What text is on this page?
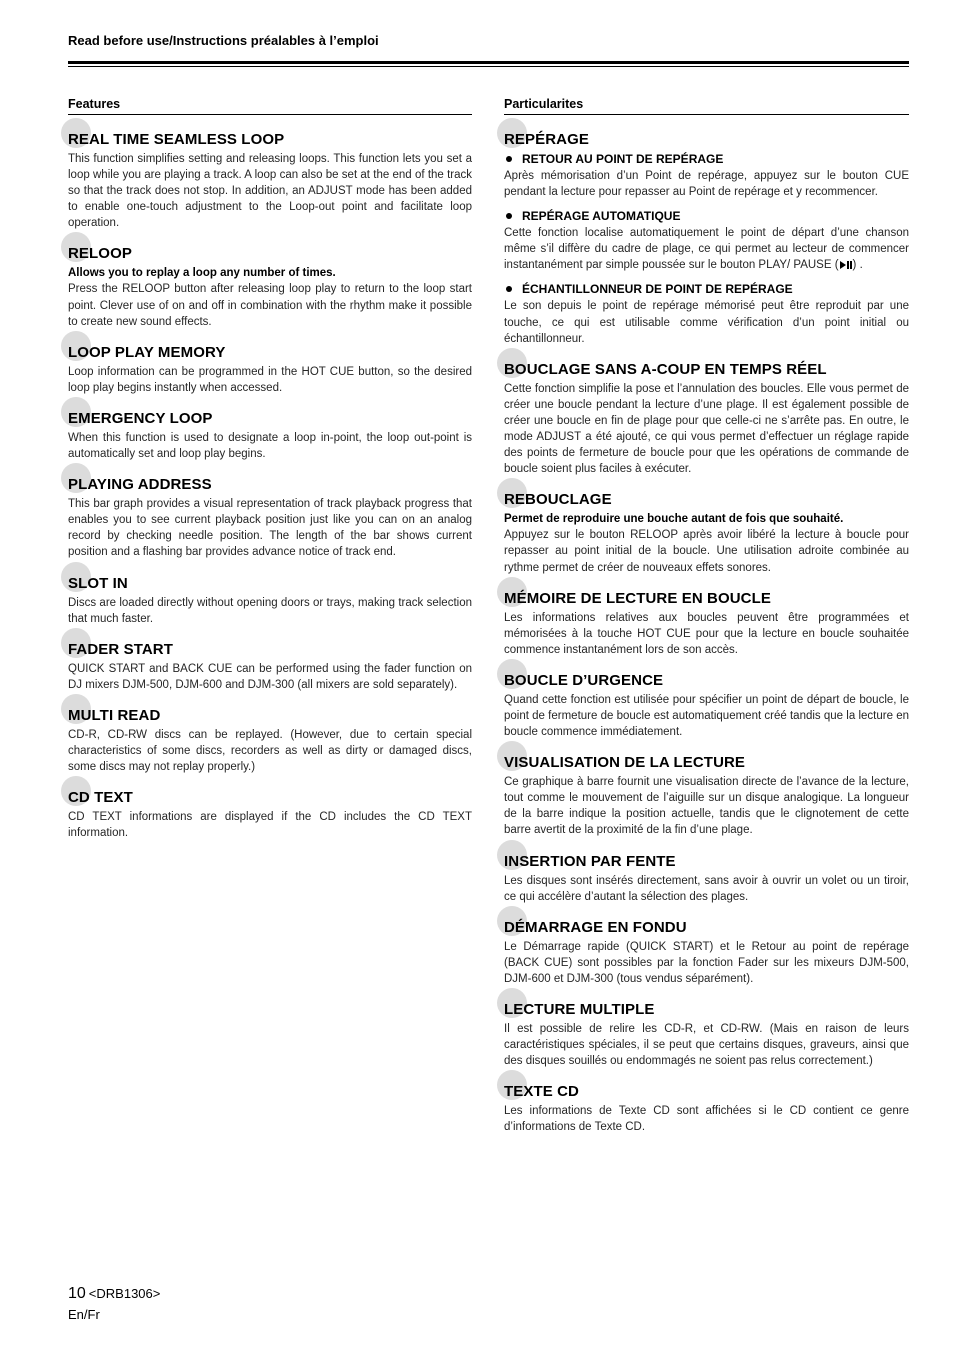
Read before use/Instructions préalables à l’emploi
Features
REAL TIME SEAMLESS LOOP

This function simplifies setting and releasing loops. This function lets you set a loop while you are playing a track. A loop can also be set at the end of the track so that the track does not stop. In addition, an ADJUST mode has been added to enable one-touch adjustment to the Loop-out point and facilitate loop operation.

RELOOP
Allows you to replay a loop any number of times.

Press the RELOOP button after releasing loop play to return to the loop start point. Clever use of on and off in combination with the rhythm make it possible to create new sound effects.

LOOP PLAY MEMORY

Loop information can be programmed in the HOT CUE button, so the desired loop play begins instantly when accessed.

EMERGENCY LOOP

When this function is used to designate a loop in-point, the loop out-point is automatically set and loop play begins.

PLAYING ADDRESS

This bar graph provides a visual representation of track playback progress that enables you to see current playback position just like you can on an analog record by checking needle position. The length of the bar shows current position and a flashing bar provides advance notice of track end.

SLOT IN

Discs are loaded directly without opening doors or trays, making track selection that much faster.

FADER START

QUICK START and BACK CUE can be performed using the fader function on DJ mixers DJM-500, DJM-600 and DJM-300 (all mixers are sold separately).

MULTI READ

CD-R, CD-RW discs can be replayed. (However, due to certain special characteristics of some discs, recorders as well as dirty or damaged discs, some discs may not replay properly.)

CD TEXT

CD TEXT informations are displayed if the CD includes the CD TEXT information.

Particularites
REPÉRAGE
RETOUR AU POINT DE REPÉRAGE

Après mémorisation d’un Point de repérage, appuyez sur le bouton CUE pendant la lecture pour repasser au Point de repérage et y recommencer.

REPÉRAGE AUTOMATIQUE

Cette fonction localise automatiquement le point de départ d’une chanson même s’il diffère du cadre de plage, ce qui permet au lecteur de commencer instantanément par simple poussée sur le bouton PLAY/ PAUSE ( ) .

ÉCHANTILLONNEUR DE POINT DE REPÉRAGE

Le son depuis le point de repérage mémorisé peut être reproduit par une touche, ce qui est utilisable comme vérification d’un point initial ou échantillonneur.

BOUCLAGE SANS A-COUP EN TEMPS RÉEL

Cette fonction simplifie la pose et l’annulation des boucles. Elle vous permet de créer une boucle pendant la lecture d’une plage. Il est également possible de créer une boucle en fin de plage pour que celle-ci ne s’arrête pas. En outre, le mode ADJUST a été ajouté, ce qui vous permet d’effectuer un réglage rapide des points de fermeture de boucle pour que les opérations de commande de boucle soient plus faciles à exécuter.

REBOUCLAGE
Permet de reproduire une bouche autant de fois que souhaité.

Appuyez sur le bouton RELOOP après avoir libéré la lecture à boucle pour repasser au point initial de la boucle. Une utilisation adroite combinée au rythme permet de créer de nouveaux effets sonores.

MÉMOIRE DE LECTURE EN BOUCLE

Les informations relatives aux boucles peuvent être programmées et mémorisées à la touche HOT CUE pour que la lecture en boucle souhaitée commence instantanément lors de son accès.

BOUCLE D’URGENCE

Quand cette fonction est utilisée pour spécifier un point de départ de boucle, le point de fermeture de boucle est automatiquement créé tandis que la lecture en boucle commence immédiatement.

VISUALISATION DE LA LECTURE

Ce graphique à barre fournit une visualisation directe de l’avance de la lecture, tout comme le mouvement de l’aiguille sur un disque analogique. La longueur de la barre indique la position actuelle, tandis que le clignotement de cette barre avertit de la proximité de la fin d’une plage.

INSERTION PAR FENTE

Les disques sont insérés directement, sans avoir à ouvrir un volet ou un tiroir, ce qui accélère d’autant la sélection des plages.

DÉMARRAGE EN FONDU

Le Démarrage rapide (QUICK START) et le Retour au point de repérage (BACK CUE) sont possibles par la fonction Fader sur les mixeurs DJM-500, DJM-600 et DJM-300 (tous vendus séparément).

LECTURE MULTIPLE

Il est possible de relire les CD-R, et CD-RW. (Mais en raison de leurs caractéristiques spéciales, il se peut que certains disques, graveurs, ainsi que des disques souillés ou endommagés ne soient pas relus correctement.)

TEXTE CD

Les informations de Texte CD sont affichées si le CD contient ce genre d’informations de Texte CD.

10 <DRB1306>
En/Fr
